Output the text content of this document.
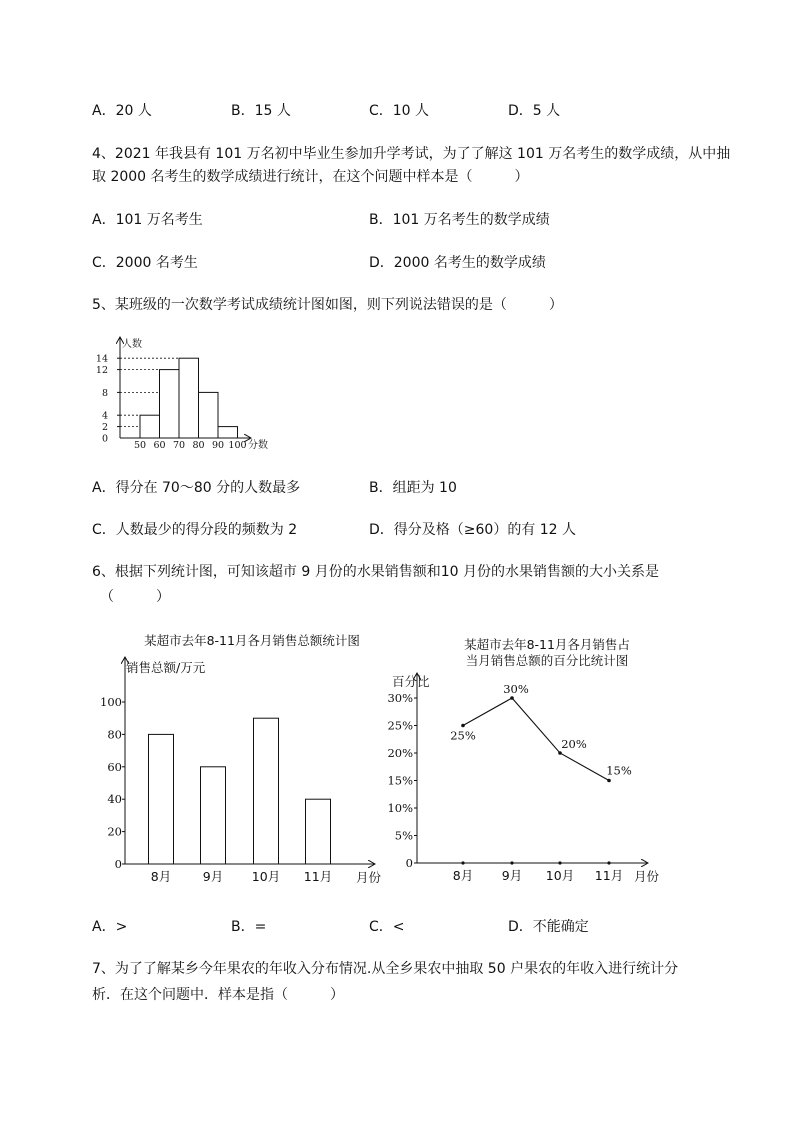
A．20 人	B．15 人	C．10 人	D．5 人
4、2021 年我县有 101 万名初中毕业生参加升学考试，为了了解这 101 万名考生的数学成绩，从中抽
取 2000 名考生的数学成绩进行统计，在这个问题中样本是（　　　）
A．101 万名考生	B．101 万名考生的数学成绩
C．2000 名考生	D．2000 名考生的数学成绩
5、某班级的一次数学考试成绩统计图如图，则下列说法错误的是（　　　）
0
2
4
8
12
14
50 60 70 80 90 100
人数
分数
A．得分在 70～80 分的人数最多	B．组距为 10
C．人数最少的得分段的频数为 2	D．得分及格（≥60）的有 12 人
6、根据下列统计图，可知该超市 9 月份的水果销售额和10 月份的水果销售额的大小关系是
（　　　）
某超市去年8-11月各月销售总额统计图
销售总额/万元
0
20
40
60
80
100
8月	9月 10月 11月 月份
某超市去年8-11月各月销售占
当月销售总额的百分比统计图
百分比
0
5%
10%
15%
20%
25%
30%
25%
30%
20%
15%
8月 9月 10月 11月 月份
A．>	B．=	C．<	D．不能确定
7、为了了解某乡今年果农的年收入分布情况.从全乡果农中抽取 50 户果农的年收入进行统计分
析．在这个问题中．样本是指（　　　）
